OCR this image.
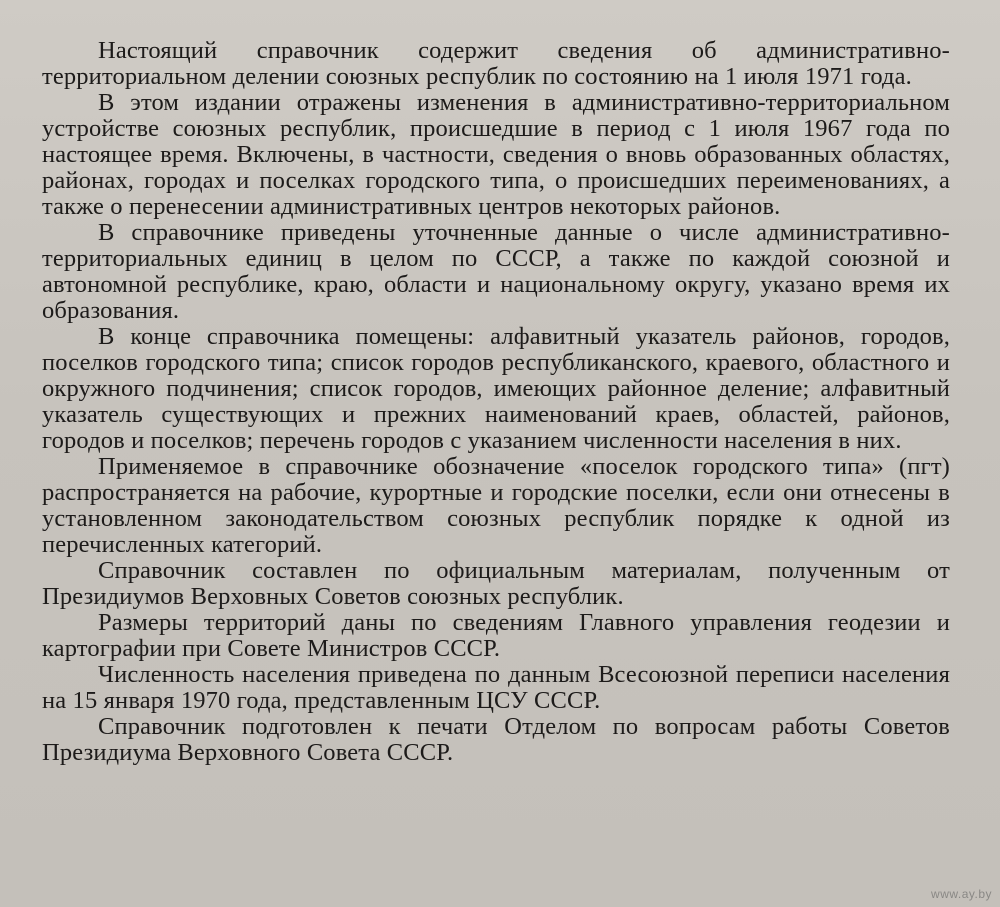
Настоящий справочник содержит сведения об административно-территориальном делении союзных республик по состоянию на 1 июля 1971 года.

В этом издании отражены изменения в административно-территориальном устройстве союзных республик, происшедшие в период с 1 июля 1967 года по настоящее время. Включены, в частности, сведения о вновь образованных областях, районах, городах и поселках городского типа, о происшедших переименованиях, а также о перенесении административных центров некоторых районов.

В справочнике приведены уточненные данные о числе административно-территориальных единиц в целом по СССР, а также по каждой союзной и автономной республике, краю, области и национальному округу, указано время их образования.

В конце справочника помещены: алфавитный указатель районов, городов, поселков городского типа; список городов республиканского, краевого, областного и окружного подчинения; список городов, имеющих районное деление; алфавитный указатель существующих и прежних наименований краев, областей, районов, городов и поселков; перечень городов с указанием численности населения в них.

Применяемое в справочнике обозначение «поселок городского типа» (пгт) распространяется на рабочие, курортные и городские поселки, если они отнесены в установленном законодательством союзных республик порядке к одной из перечисленных категорий.

Справочник составлен по официальным материалам, полученным от Президиумов Верховных Советов союзных республик.

Размеры территорий даны по сведениям Главного управления геодезии и картографии при Совете Министров СССР.

Численность населения приведена по данным Всесоюзной переписи населения на 15 января 1970 года, представленным ЦСУ СССР.

Справочник подготовлен к печати Отделом по вопросам работы Советов Президиума Верховного Совета СССР.

www.ay.by
